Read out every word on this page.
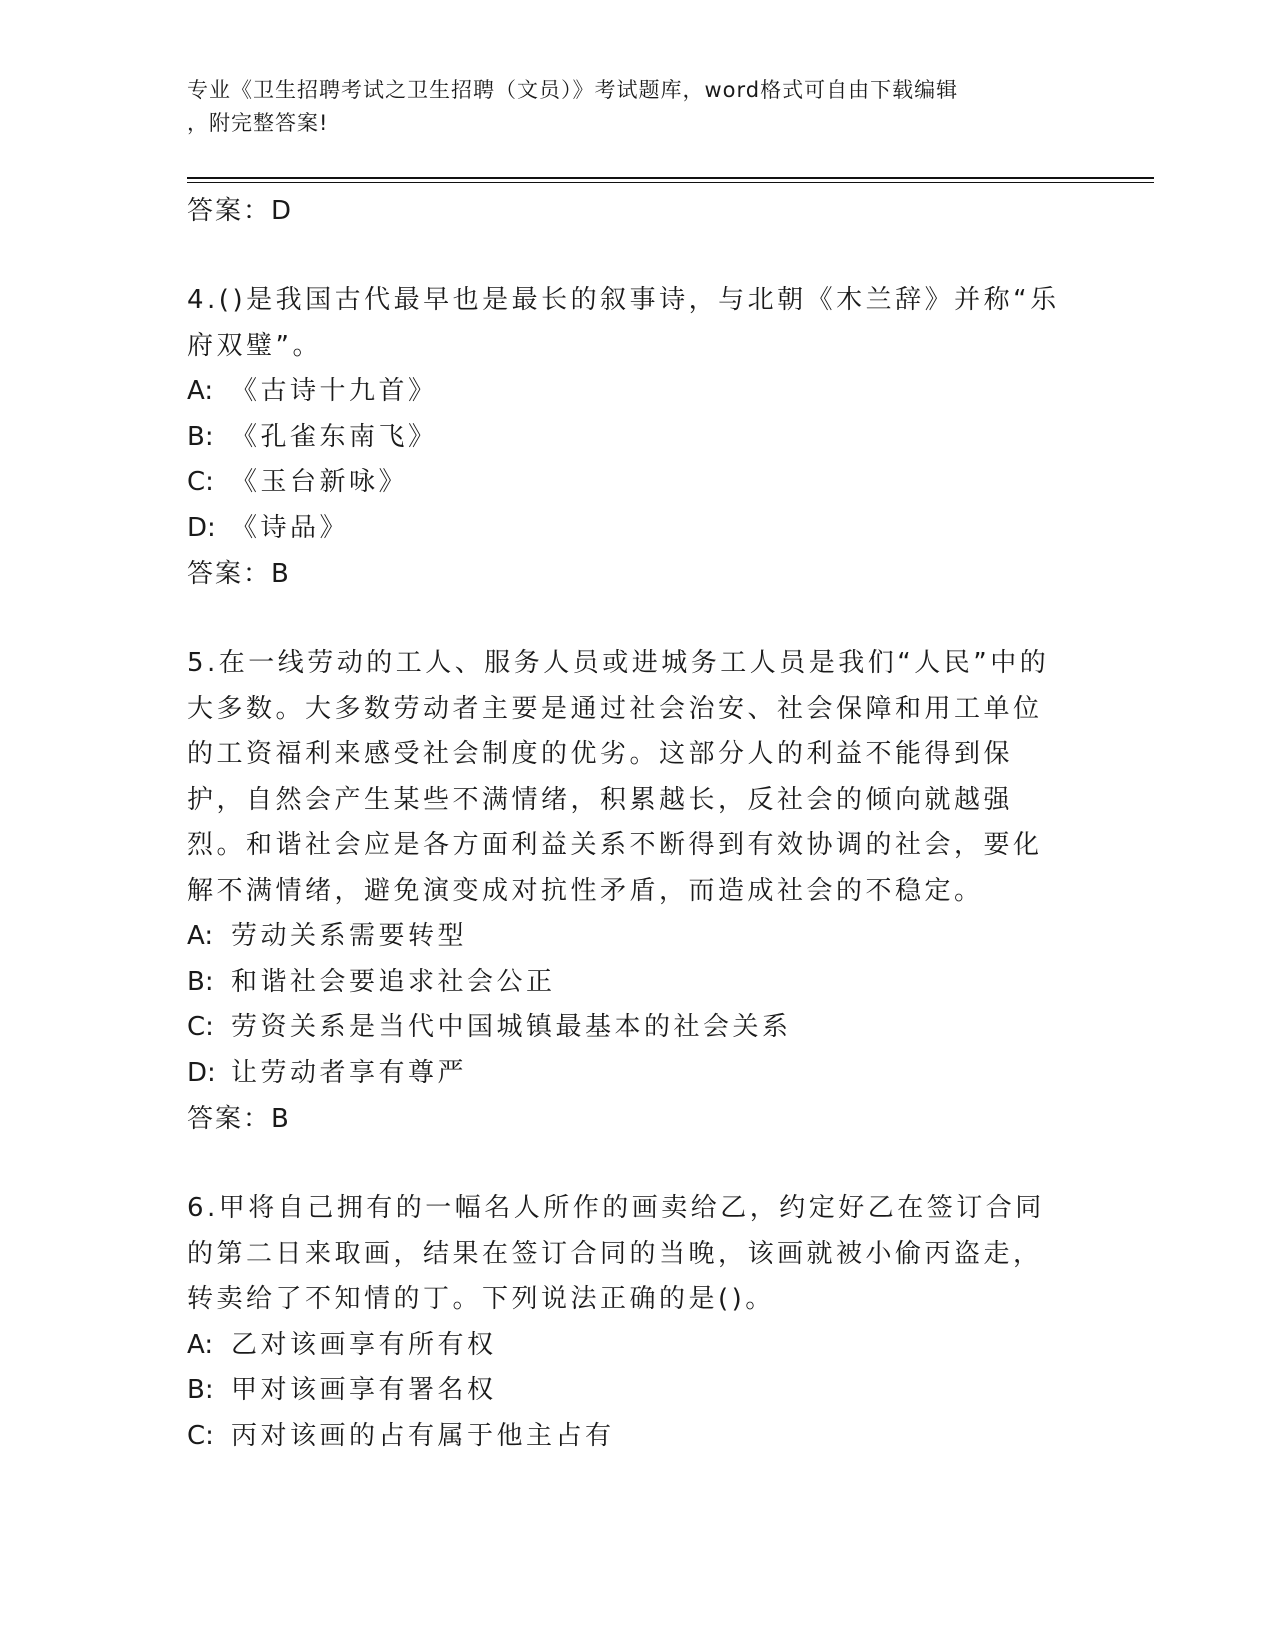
专业《卫生招聘考试之卫生招聘（文员）》考试题库，word格式可自由下载编辑
，附完整答案!

答案：D

4.()是我国古代最早也是最长的叙事诗，与北朝《木兰辞》并称“乐府双璧”。

A: 《古诗十九首》

B: 《孔雀东南飞》

C: 《玉台新咏》

D: 《诗品》

答案：B

5.在一线劳动的工人、服务人员或进城务工人员是我们“人民”中的大多数。大多数劳动者主要是通过社会治安、社会保障和用工单位的工资福利来感受社会制度的优劣。这部分人的利益不能得到保护，自然会产生某些不满情绪，积累越长，反社会的倾向就越强烈。和谐社会应是各方面利益关系不断得到有效协调的社会，要化解不满情绪，避免演变成对抗性矛盾，而造成社会的不稳定。

A: 劳动关系需要转型

B: 和谐社会要追求社会公正

C: 劳资关系是当代中国城镇最基本的社会关系

D: 让劳动者享有尊严

答案：B

6.甲将自己拥有的一幅名人所作的画卖给乙，约定好乙在签订合同的第二日来取画，结果在签订合同的当晚，该画就被小偷丙盗走，转卖给了不知情的丁。下列说法正确的是()。

A: 乙对该画享有所有权

B: 甲对该画享有署名权

C: 丙对该画的占有属于他主占有
